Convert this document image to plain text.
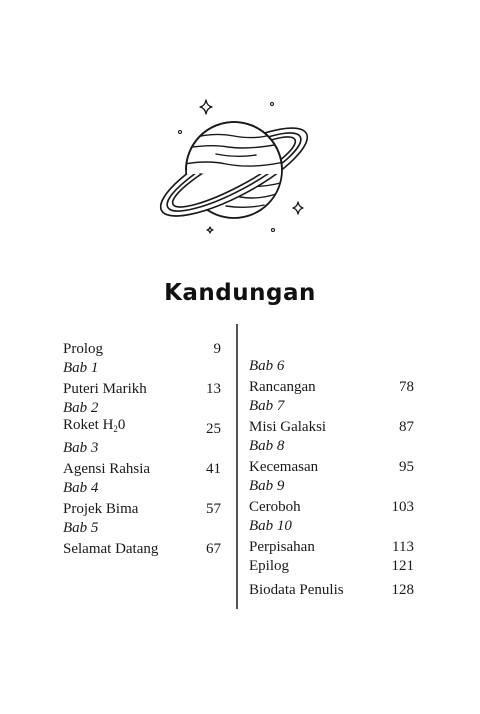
Kandungan
Prolog	9
Bab 1
Puteri Marikh	13
Bab 2
Roket $H_20$	25
Bab 3
Agensi Rahsia	41
Bab 4
Projek Bima	57
Bab 5
Selamat Datang	67
Bab 6
Rancangan	78
Bab 7
Misi Galaksi	87
Bab 8
Kecemasan	95
Bab 9
Ceroboh	103
Bab 10
Perpisahan	113
Epilog	121
Biodata Penulis	128
